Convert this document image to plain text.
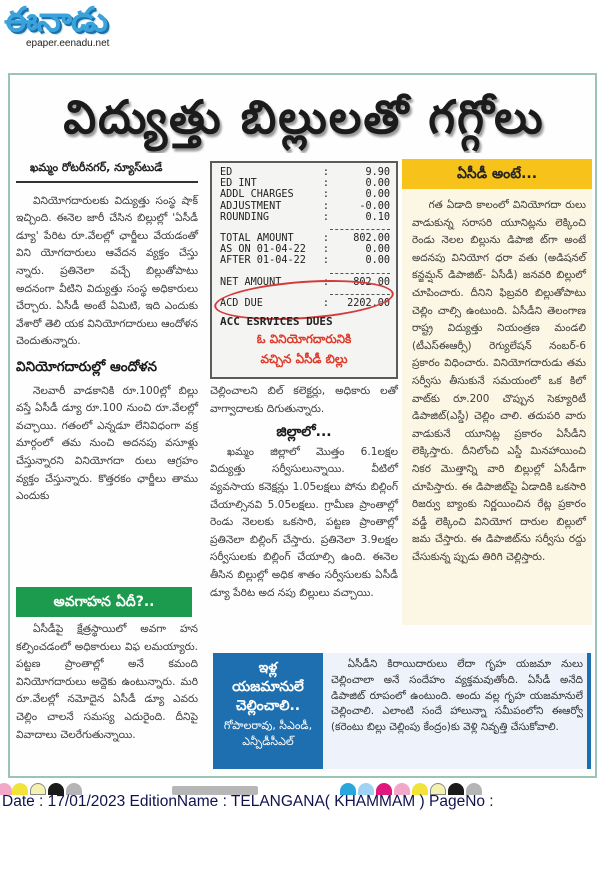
ఈనాడు
epaper.eenadu.net
విద్యుత్తు బిల్లులతో గగ్గోలు
ఖమ్మం రోటరీనగర్, న్యూస్‌టుడే

వినియోగదారులకు విద్యుత్తు సంస్థ షాక్ ఇచ్చింది. ఈనెల జారీ చేసిన బిల్లుల్లో 'ఏసీడీ డ్యూ' పేరిట రూ.వేలల్లో ఛార్జీలు వేయడంతో విని యోగదారులు ఆవేదన వ్యక్తం చేస్తు న్నారు. ప్రతినెలా వచ్చే బిల్లుతోపాటు అదనంగా వీటిని విద్యుత్తు సంస్థ అధికారులు చేర్చారు. ఏసీడీ అంటే ఏమిటి, ఇది ఎందుకు వేశారో తెలి యక వినియోగదారులు ఆందోళన చెందుతున్నారు.

వినియోగదారుల్లో ఆందోళన

నెలవారీ వాడకానికి రూ.100ల్లో బిల్లు వస్తే ఏసీడీ డ్యూ రూ.100 నుంచి రూ.వేలల్లో వచ్చాయి. గతంలో ఎన్నడూ లేనివిధంగా వక్ర మార్గంలో తమ నుంచి అదనపు వసూళ్లు చేస్తున్నారని వినియోగదా రులు ఆగ్రహం వ్యక్తం చేస్తున్నారు. కొత్తరకం ఛార్జీలు తాము ఎందుకు

అవగాహన ఏదీ?..

ఏసీడీపై క్షేత్రస్థాయిలో అవగా హన కల్పించడంలో అధికారులు విఫ లమయ్యారు. పట్టణ ప్రాంతాల్లో అనే కమంది వినియోగదారులు అద్దెకు ఉంటున్నారు. మరి రూ.వేలల్లో నమోదైన ఏసీడీ డ్యూ ఎవరు చెల్లిం చాలనే సమస్య ఎదురైంది. దీనిపై వివాదాలు చెలరేగుతున్నాయి.

ED	:	9.90
ED INT	:	0.00
ADDL CHARGES	:	0.00
ADJUSTMENT	:	-0.00
ROUNDING	:	0.10
TOTAL AMOUNT	:	802.00
AS ON 01-04-22	:	0.00
AFTER 01-04-22	:	0.00
NET AMOUNT	:	802.00
ACD DUE	:	2202.00
ACC ESRVICES DUES
ఓ వినియోగదారునికి
వచ్చిన ఏసీడీ బిల్లు

చెల్లించాలని బిల్ కలెక్టర్లు, అధికారు లతో వాగ్వాదాలకు దిగుతున్నారు.

జిల్లాలో...

ఖమ్మం జిల్లాలో మొత్తం 6.1లక్షల విద్యుత్తు సర్వీసులున్నాయి. వీటిలో వ్యవసాయ కనెక్షన్లు 1.05లక్షలు పోను బిల్లింగ్ చేయాల్సినవి 5.05లక్షలు. గ్రామీణ ప్రాంతాల్లో రెండు నెలలకు ఒకసారి, పట్టణ ప్రాంతాల్లో ప్రతినెలా బిల్లింగ్ చేస్తారు. ప్రతినెలా 3.9లక్షల సర్వీసులకు బిల్లింగ్ చేయాల్సి ఉంది. ఈనెల తీసిన బిల్లుల్లో అధిక శాతం సర్వీసులకు ఏసీడీ డ్యూ పేరిట అద నపు బిల్లులు వచ్చాయి.

ఏసీడీ అంటే...

గత ఏడాది కాలంలో వినియోగదా రులు వాడుకున్న సరాసరి యూనిట్లను లెక్కించి రెండు నెలల బిల్లును డిపాజి ట్‌గా అంటే అదనపు వినియోగ ధరా వతు (అడిషనల్ కన్జమ్షన్ డిపాజిట్- ఏసీడీ) జనవరి బిల్లులో చూపించారు. దీనిని ఫిబ్రవరి బిల్లుతోపాటు చెల్లిం చాల్సి ఉంటుంది. ఏసీడీని తెలంగాణ రాష్ట్ర విద్యుత్తు నియంత్రణ మండలి (టీఎస్ఈఆర్సీ) రెగ్యులేషన్ నంబర్-6 ప్రకారం విధించారు. వినియోగదారుడు తమ సర్వీసు తీసుకునే సమయంలో ఒక కిలో వాట్‌కు రూ.200 చొప్పున సెక్యూరిటీ డిపాజిట్(ఎస్డీ) చెల్లిం చాలి. తదుపరి వారు వాడుకునే యూనిట్ల ప్రకారం ఏసీడీని లెక్కిస్తారు. దీనిలోంచి ఎస్డీ మినహాయించి నికర మొత్తాన్ని వారి బిల్లుల్లో ఏసీడీగా చూపిస్తారు. ఈ డిపాజిట్‌పై ఏడాదికి ఒకసారి రిజర్వు బ్యాంకు నిర్ణయించిన రేట్ల ప్రకారం వడ్డీ లెక్కించి వినియోగ దారుల బిల్లులో జమ చేస్తారు. ఈ డిపాజిట్‌ను సర్వీసు రద్దు చేసుకున్న ప్పుడు తిరిగి చెల్లిస్తారు.

ఇళ్ల
యజమానులే
చెల్లించాలి..
గోపాలరావు, సీఎండీ,
ఎన్పీడీసీఎల్

ఏసీడీని కిరాయిదారులు లేదా గృహ యజమా నులు చెల్లించాలా అనే సందేహం వ్యక్తమవుతోంది. ఏసీడీ అనేది డిపాజిట్ రూపంలో ఉంటుంది. అందు వల్ల గృహ యజమానులే చెల్లించాలి. ఎలాంటి సందే హాలున్నా సమీపంలోని ఈఆర్వో (కరెంటు బిల్లు చెల్లింపు కేంద్రం)కు వెళ్లి నివృత్తి చేసుకోవాలి.

Date : 17/01/2023 EditionName : TELANGANA( KHAMMAM ) PageNo :
